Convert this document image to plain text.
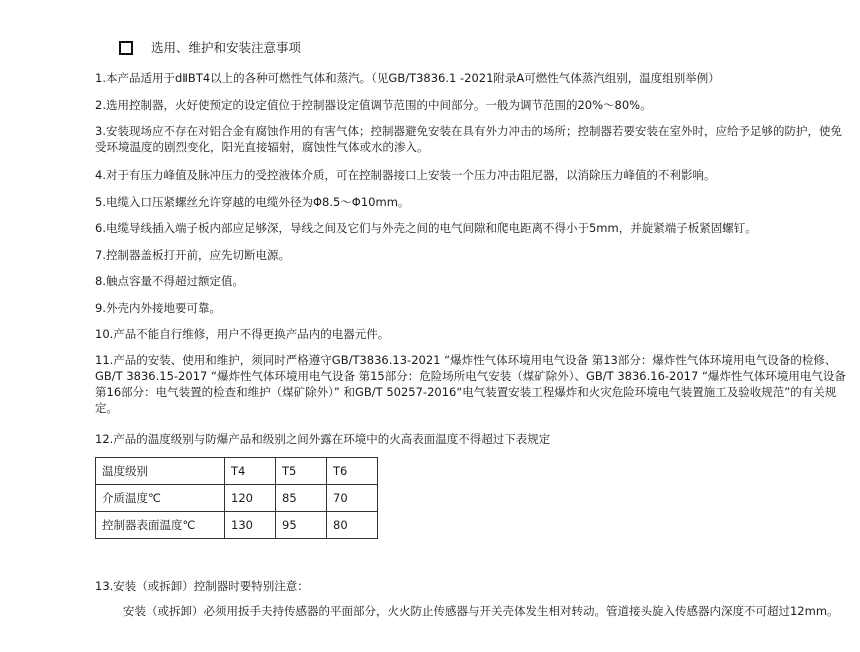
选用、维护和安装注意事项

1.本产品适用于dⅡBT4以上的各种可燃性气体和蒸汽。（见GB/T3836.1 -2021附录A可燃性气体蒸汽组别，温度组别举例）

2.选用控制器，火好使预定的设定值位于控制器设定值调节范围的中间部分。一般为调节范围的20%～80%。

3.安装现场应不存在对铝合金有腐蚀作用的有害气体；控制器避免安装在具有外力冲击的场所；控制器若要安装在室外时，应给予足够的防护，使免受环境温度的剧烈变化，阳光直接辐射，腐蚀性气体或水的渗入。

4.对于有压力峰值及脉冲压力的受控液体介质，可在控制器接口上安装一个压力冲击阻尼器，以消除压力峰值的不利影响。

5.电缆入口压紧螺丝允许穿越的电缆外径为Φ8.5～Φ10mm。

6.电缆导线插入端子板内部应足够深，导线之间及它们与外壳之间的电气间隙和爬电距离不得小于5mm，并旋紧端子板紧固螺钉。

7.控制器盖板打开前，应先切断电源。

8.触点容量不得超过额定值。

9.外壳内外接地要可靠。

10.产品不能自行维修，用户不得更换产品内的电器元件。

11.产品的安装、使用和维护，须同时严格遵守GB/T3836.13-2021 “爆炸性气体环境用电气设备 第13部分：爆炸性气体环境用电气设备的检修、GB/T 3836.15-2017 “爆炸性气体环境用电气设备 第15部分：危险场所电气安装（煤矿除外）、GB/T 3836.16-2017 “爆炸性气体环境用电气设备 第16部分：电气装置的检查和维护（煤矿除外）” 和GB/T 50257-2016“电气装置安装工程爆炸和火灾危险环境电气装置施工及验收规范”的有关规定。

12.产品的温度级别与防爆产品和级别之间外露在环境中的火高表面温度不得超过下表规定

温度级别	T4	T5	T6
介质温度℃	120	85	70
控制器表面温度℃	130	95	80

13.安装（或拆卸）控制器时要特别注意：

安装（或拆卸）必须用扳手夫持传感器的平面部分，火火防止传感器与开关壳体发生相对转动。管道接头旋入传感器内深度不可超过12mm。
